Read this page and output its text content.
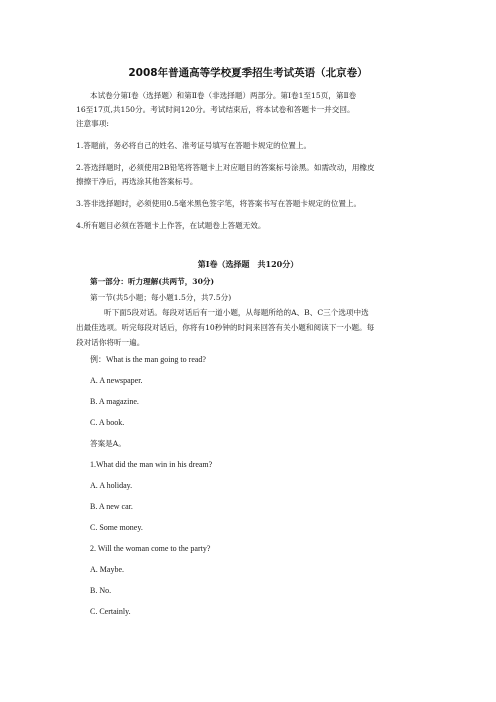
2008年普通高等学校夏季招生考试英语（北京卷）
本试卷分第Ⅰ卷（选择题）和第Ⅱ卷（非选择题）两部分。第Ⅰ卷1至15页，第Ⅱ卷
16至17页,共150分。考试时间120分。考试结束后，将本试卷和答题卡一并交回。
注意事项:
1.答题前，务必将自己的姓名、准考证号填写在答题卡规定的位置上。
2.答选择题时，必须使用2B铅笔将答题卡上对应题目的答案标号涂黑。如需改动，用橡皮
擦擦干净后，再选涂其他答案标号。
3.答非选择题时，必须使用0.5毫米黑色签字笔，将答案书写在答题卡规定的位置上。
4.所有题目必须在答题卡上作答，在试题卷上答题无效。
第Ⅰ卷（选择题　共120分）
第一部分：听力理解(共两节，30分)
第一节(共5小题；每小题1.5分，共7.5分)
听下面5段对话。每段对话后有一道小题，从每题所给的A、B、C三个选项中选
出最佳选项。听完每段对话后，你将有10秒钟的时间来回答有关小题和阅读下一小题。每
段对话你将听一遍。
例：What is the man going to read?
A. A newspaper.
B. A magazine.
C. A book.
答案是A。
1.What did the man win in his dream?
A. A holiday.
B. A new car.
C. Some money.
2. Will the woman come to the party?
A. Maybe.
B. No.
C. Certainly.
